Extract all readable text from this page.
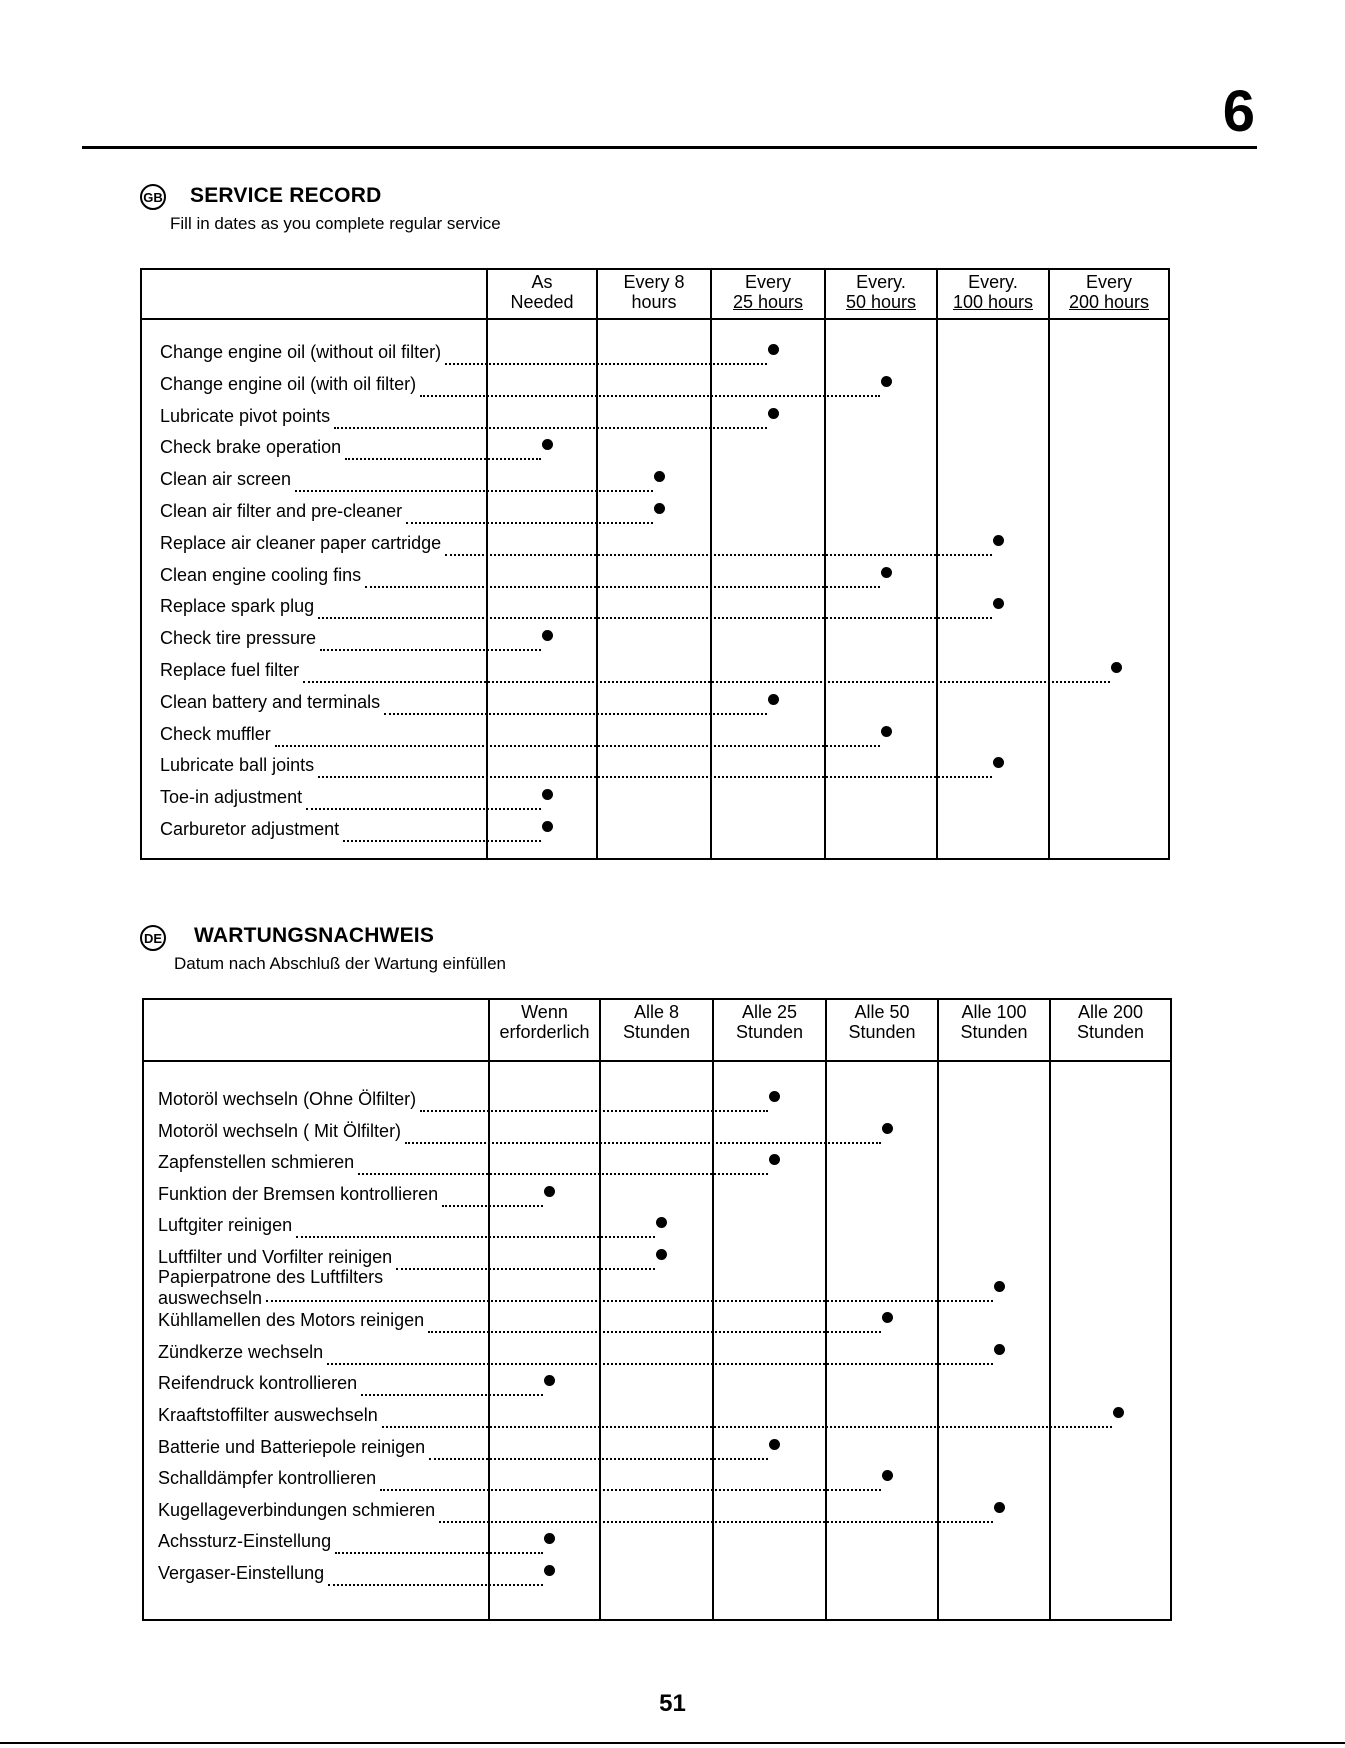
6
GB SERVICE RECORD
Fill in dates as you complete regular service
As
Needed
Every 8
hours
Every
25 hours
Every.
50 hours
Every.
100 hours
Every
200 hours
Change engine oil (without oil filter)
Change engine oil (with oil filter)
Lubricate pivot points
Check brake operation
Clean air screen
Clean air filter and pre-cleaner
Replace air cleaner paper cartridge
Clean engine cooling fins
Replace spark plug
Check tire pressure
Replace fuel filter
Clean battery and terminals
Check muffler
Lubricate ball joints
Toe-in adjustment
Carburetor adjustment
DE WARTUNGSNACHWEIS
Datum nach Abschluß der Wartung einfüllen
Wenn
erforderlich
Alle 8
Stunden
Alle 25
Stunden
Alle 50
Stunden
Alle 100
Stunden
Alle 200
Stunden
Motoröl wechseln (Ohne Ölfilter)
Motoröl wechseln ( Mit Ölfilter)
Zapfenstellen schmieren
Funktion der Bremsen kontrollieren
Luftgiter reinigen
Luftfilter und Vorfilter reinigen
Papierpatrone des Luftfilters
auswechseln
Kühllamellen des Motors reinigen
Zündkerze wechseln
Reifendruck kontrollieren
Kraaftstoffilter auswechseln
Batterie und Batteriepole reinigen
Schalldämpfer kontrollieren
Kugellageverbindungen schmieren
Achssturz-Einstellung
Vergaser-Einstellung
51
